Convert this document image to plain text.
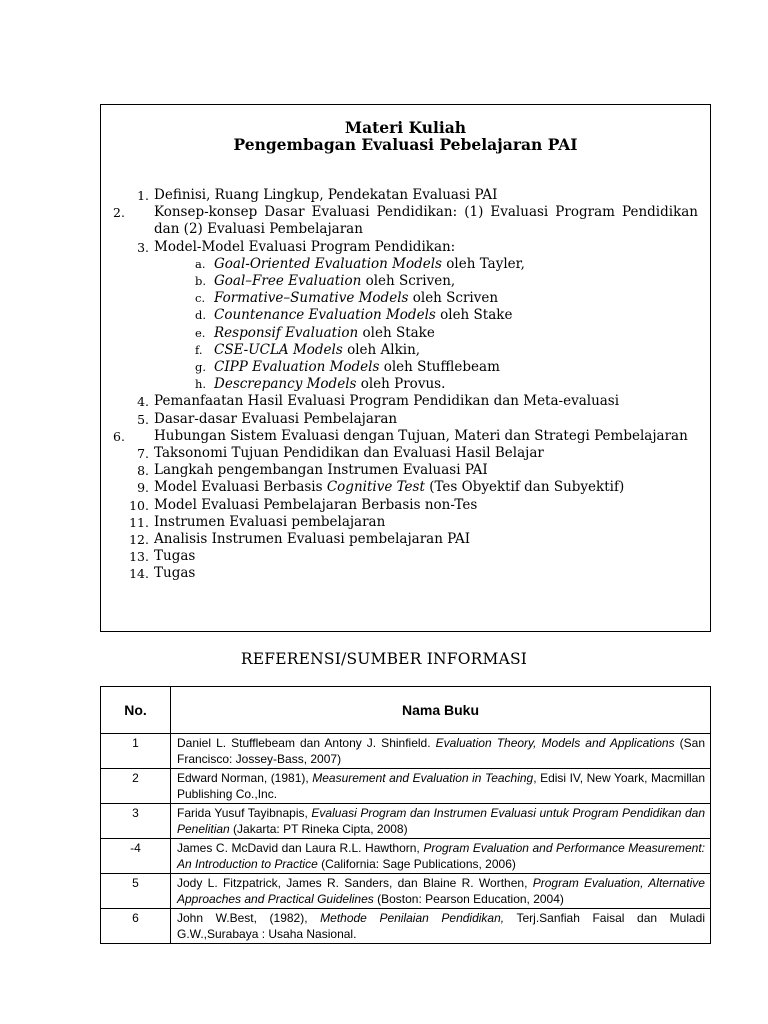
Materi Kuliah
Pengembagan Evaluasi Pebelajaran PAI
1. Definisi, Ruang Lingkup, Pendekatan Evaluasi PAI
2.	Konsep-konsep Dasar Evaluasi Pendidikan: (1) Evaluasi Program Pendidikan dan (2) Evaluasi Pembelajaran
3. Model-Model Evaluasi Program Pendidikan:
a. Goal-Oriented Evaluation Models oleh Tayler,
b. Goal–Free Evaluation oleh Scriven,
c. Formative–Sumative Models oleh Scriven
d. Countenance Evaluation Models oleh Stake
e. Responsif Evaluation oleh Stake
f. CSE-UCLA Models oleh Alkin,
g. CIPP Evaluation Models oleh Stufflebeam
h. Descrepancy Models oleh Provus.
4. Pemanfaatan Hasil Evaluasi Program Pendidikan dan Meta-evaluasi
5. Dasar-dasar Evaluasi Pembelajaran
6.	Hubungan Sistem Evaluasi dengan Tujuan, Materi dan Strategi Pembelajaran
7. Taksonomi Tujuan Pendidikan dan Evaluasi Hasil Belajar
8. Langkah pengembangan Instrumen Evaluasi PAI
9. Model Evaluasi Berbasis Cognitive Test (Tes Obyektif dan Subyektif)
10. Model Evaluasi Pembelajaran Berbasis non-Tes
11. Instrumen Evaluasi pembelajaran
12. Analisis Instrumen Evaluasi pembelajaran PAI
13. Tugas
14. Tugas
REFERENSI/SUMBER INFORMASI
No.	Nama Buku
1	Daniel L. Stufflebeam dan Antony J. Shinfield. Evaluation Theory, Models and Applications (San Francisco: Jossey-Bass, 2007)
2	Edward Norman, (1981), Measurement and Evaluation in Teaching, Edisi IV, New Yoark, Macmillan Publishing Co.,Inc.
3	Farida Yusuf Tayibnapis, Evaluasi Program dan Instrumen Evaluasi untuk Program Pendidikan dan Penelitian (Jakarta: PT Rineka Cipta, 2008)
-4	James C. McDavid dan Laura R.L. Hawthorn, Program Evaluation and Performance Measurement: An Introduction to Practice (California: Sage Publications, 2006)
5	Jody L. Fitzpatrick, James R. Sanders, dan Blaine R. Worthen, Program Evaluation, Alternative Approaches and Practical Guidelines (Boston: Pearson Education, 2004)
6	John W.Best, (1982), Methode Penilaian Pendidikan, Terj.Sanfiah Faisal dan Muladi G.W.,Surabaya : Usaha Nasional.
